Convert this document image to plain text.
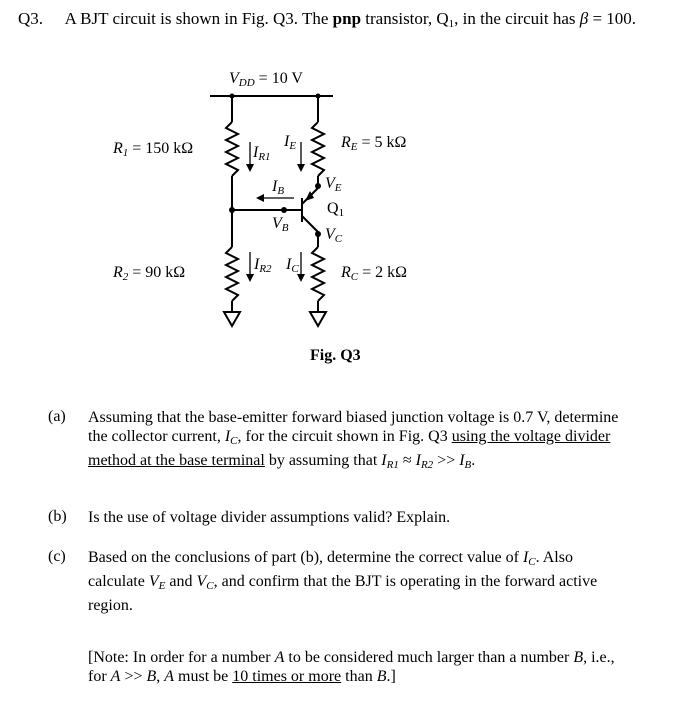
Q3. A BJT circuit is shown in Fig. Q3. The pnp transistor, $Q_1$, in the circuit has β = 100.
$V_{DD} = 10$ V
$R_1 = 150$ kΩ
$R_2 = 90$ kΩ
$R_E = 5$ kΩ
$R_C = 2$ kΩ
$I_{R1}$
$I_E$
$I_B$
$V_B$
$V_E$
$Q_1$
$V_C$
$I_{R2}$ $I_C$
Fig. Q3
(a) Assuming that the base-emitter forward biased junction voltage is 0.7 V, determine
the collector current, $I_C$, for the circuit shown in Fig. Q3 using the voltage divider
method at the base terminal by assuming that $I_{R1} \approx I_{R2} >> I_B$.
(b) Is the use of voltage divider assumptions valid? Explain.
(c) Based on the conclusions of part (b), determine the correct value of $I_C$. Also
calculate $V_E$ and $V_C$, and confirm that the BJT is operating in the forward active
region.
[Note: In order for a number A to be considered much larger than a number B, i.e.,
for A >> B, A must be 10 times or more than B.]
